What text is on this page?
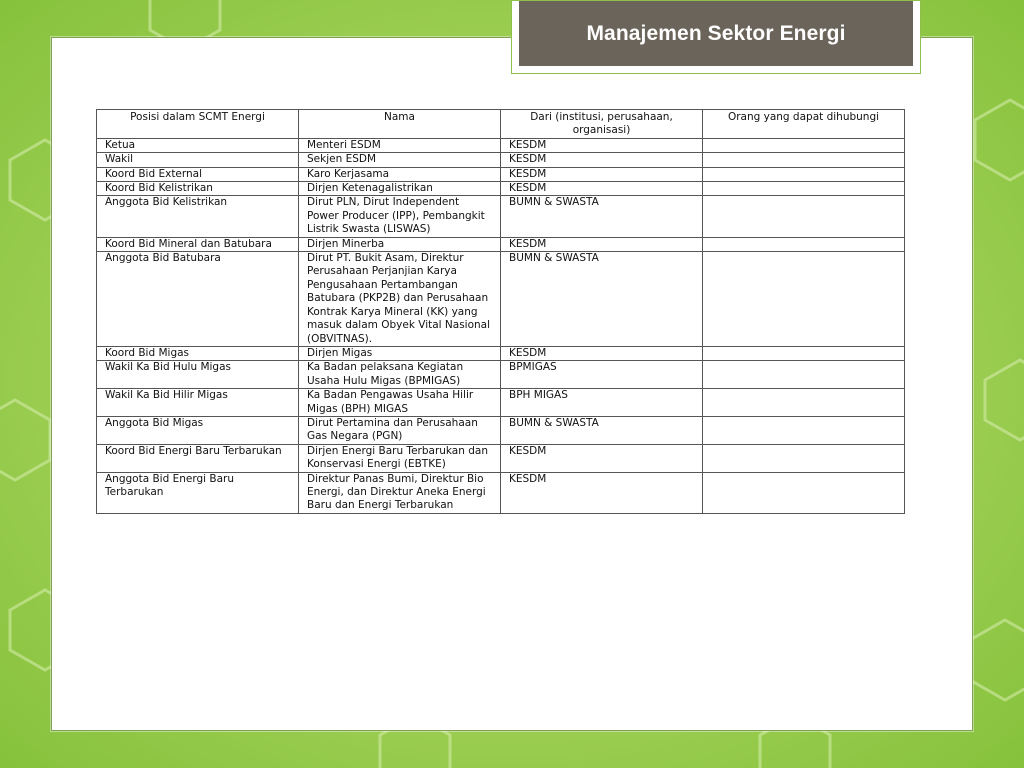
Manajemen Sektor Energi
Posisi dalam SCMT Energi	Nama	Dari (institusi, perusahaan, organisasi)	Orang yang dapat dihubungi
Ketua	Menteri ESDM	KESDM	
Wakil	Sekjen ESDM	KESDM	
Koord Bid External	Karo Kerjasama	KESDM	
Koord Bid Kelistrikan	Dirjen Ketenagalistrikan	KESDM	
Anggota Bid Kelistrikan	Dirut PLN, Dirut Independent Power Producer (IPP), Pembangkit Listrik Swasta (LISWAS)	BUMN & SWASTA	
Koord Bid Mineral dan Batubara	Dirjen Minerba	KESDM	
Anggota Bid Batubara	Dirut PT. Bukit Asam, Direktur Perusahaan Perjanjian Karya Pengusahaan Pertambangan Batubara (PKP2B) dan Perusahaan Kontrak Karya Mineral (KK) yang masuk dalam Obyek Vital Nasional (OBVITNAS).	BUMN & SWASTA	
Koord Bid Migas	Dirjen Migas	KESDM	
Wakil Ka Bid Hulu Migas	Ka Badan pelaksana Kegiatan Usaha Hulu Migas (BPMIGAS)	BPMIGAS	
Wakil Ka Bid Hilir Migas	Ka Badan Pengawas Usaha Hilir Migas (BPH) MIGAS	BPH MIGAS	
Anggota Bid Migas	Dirut Pertamina dan Perusahaan Gas Negara (PGN)	BUMN & SWASTA	
Koord Bid Energi Baru Terbarukan	Dirjen Energi Baru Terbarukan dan Konservasi Energi (EBTKE)	KESDM	
Anggota Bid Energi Baru Terbarukan	Direktur Panas Bumi, Direktur Bio Energi, dan Direktur Aneka Energi Baru dan Energi Terbarukan	KESDM	
